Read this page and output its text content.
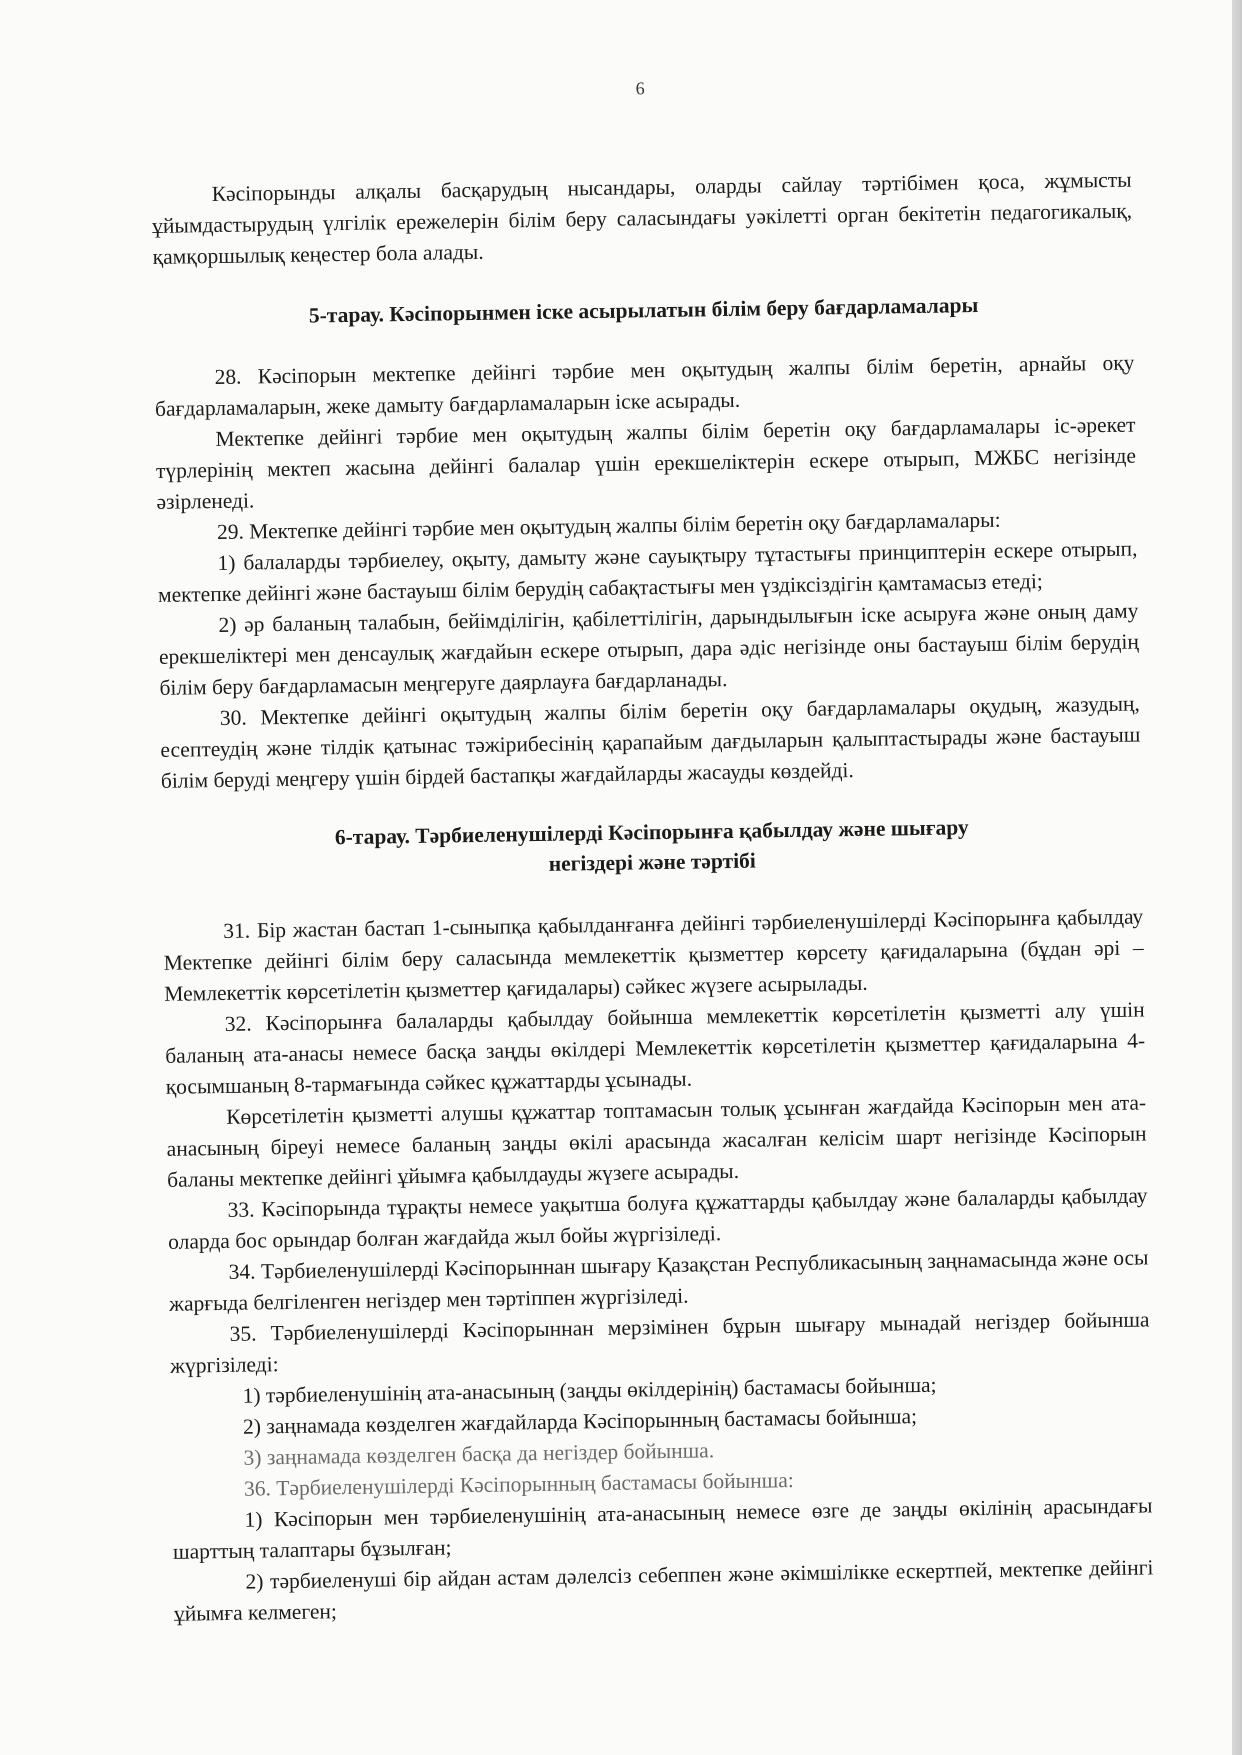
6

Кәсіпорынды алқалы басқарудың нысандары, оларды сайлау тәртібімен қоса, жұмысты ұйымдастырудың үлгілік ережелерін білім беру саласындағы уәкілетті орган бекітетін педагогикалық, қамқоршылық кеңестер бола алады.

5-тарау. Кәсіпорынмен іске асырылатын білім беру бағдарламалары

28. Кәсіпорын мектепке дейінгі тәрбие мен оқытудың жалпы білім беретін, арнайы оқу бағдарламаларын, жеке дамыту бағдарламаларын іске асырады.

Мектепке дейінгі тәрбие мен оқытудың жалпы білім беретін оқу бағдарламалары іс-әрекет түрлерінің мектеп жасына дейінгі балалар үшін ерекшеліктерін ескере отырып, МЖБС негізінде әзірленеді.

29. Мектепке дейінгі тәрбие мен оқытудың жалпы білім беретін оқу бағдарламалары:

1) балаларды тәрбиелеу, оқыту, дамыту және сауықтыру тұтастығы принциптерін ескере отырып, мектепке дейінгі және бастауыш білім берудің сабақтастығы мен үздіксіздігін қамтамасыз етеді;

2) әр баланың талабын, бейімділігін, қабілеттілігін, дарындылығын іске асыруға және оның даму ерекшеліктері мен денсаулық жағдайын ескере отырып, дара әдіс негізінде оны бастауыш білім берудің білім беру бағдарламасын меңгеруге даярлауға бағдарланады.

30. Мектепке дейінгі оқытудың жалпы білім беретін оқу бағдарламалары оқудың, жазудың, есептеудің және тілдік қатынас тәжірибесінің қарапайым дағдыларын қалыптастырады және бастауыш білім беруді меңгеру үшін бірдей бастапқы жағдайларды жасауды көздейді.

6-тарау. Тәрбиеленушілерді Кәсіпорынға қабылдау және шығару
негіздері және тәртібі

31. Бір жастан бастап 1-сыныпқа қабылданғанға дейінгі тәрбиеленушілерді Кәсіпорынға қабылдау Мектепке дейінгі білім беру саласында мемлекеттік қызметтер көрсету қағидаларына (бұдан әрі – Мемлекеттік көрсетілетін қызметтер қағидалары) сәйкес жүзеге асырылады.

32. Кәсіпорынға балаларды қабылдау бойынша мемлекеттік көрсетілетін қызметті алу үшін баланың ата-анасы немесе басқа заңды өкілдері Мемлекеттік көрсетілетін қызметтер қағидаларына 4-қосымшаның 8-тармағында сәйкес құжаттарды ұсынады.

Көрсетілетін қызметті алушы құжаттар топтамасын толық ұсынған жағдайда Кәсіпорын мен ата-анасының біреуі немесе баланың заңды өкілі арасында жасалған келісім шарт негізінде Кәсіпорын баланы мектепке дейінгі ұйымға қабылдауды жүзеге асырады.

33. Кәсіпорында тұрақты немесе уақытша болуға құжаттарды қабылдау және балаларды қабылдау оларда бос орындар болған жағдайда жыл бойы жүргізіледі.

34. Тәрбиеленушілерді Кәсіпорыннан шығару Қазақстан Республикасының заңнамасында және осы жарғыда белгіленген негіздер мен тәртіппен жүргізіледі.

35. Тәрбиеленушілерді Кәсіпорыннан мерзімінен бұрын шығару мынадай негіздер бойынша жүргізіледі:

1) тәрбиеленушінің ата-анасының (заңды өкілдерінің) бастамасы бойынша;

2) заңнамада көзделген жағдайларда Кәсіпорынның бастамасы бойынша;

3) заңнамада көзделген басқа да негіздер бойынша.

36. Тәрбиеленушілерді Кәсіпорынның бастамасы бойынша:

1) Кәсіпорын мен тәрбиеленушінің ата-анасының немесе өзге де заңды өкілінің арасындағы шарттың талаптары бұзылған;

2) тәрбиеленуші бір айдан астам дәлелсіз себеппен және әкімшілікке ескертпей, мектепке дейінгі ұйымға келмеген;
